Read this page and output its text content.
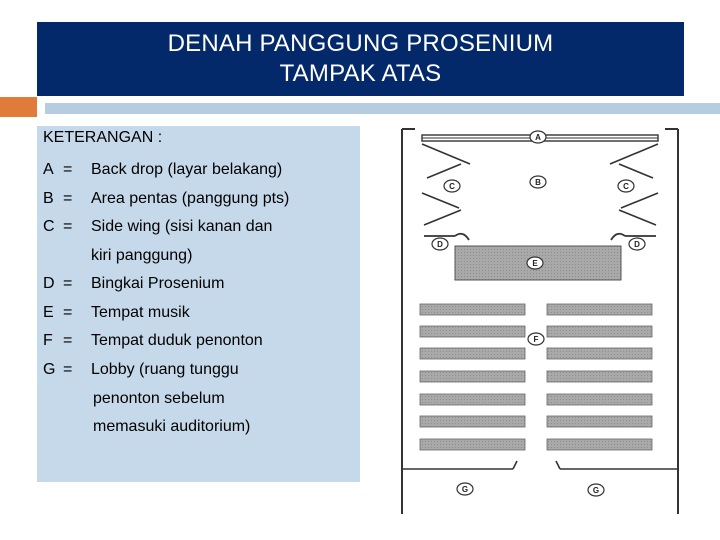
DENAH PANGGUNG PROSENIUM
TAMPAK ATAS
KETERANGAN :
A = Back drop (layar belakang)
B = Area pentas (panggung pts)
C = Side wing (sisi kanan dan
kiri panggung)
D = Bingkai Prosenium
E = Tempat musik
F = Tempat duduk penonton
G = Lobby (ruang tunggu
penonton sebelum
memasuki auditorium)
A
C	C
B
D	D
E
F
G	G
